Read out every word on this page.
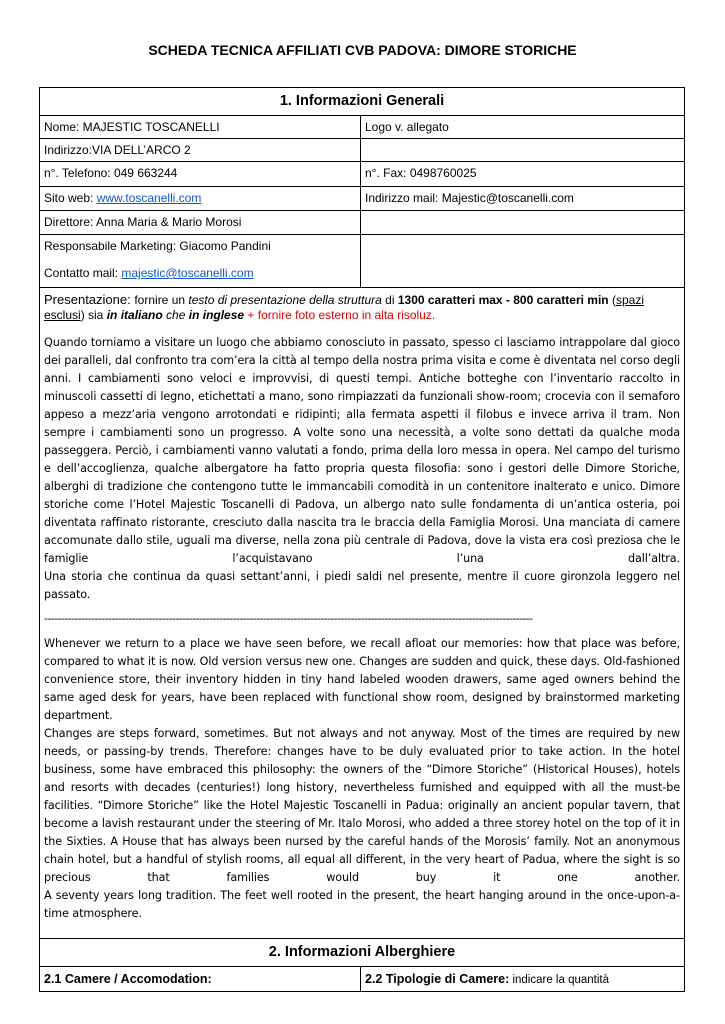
SCHEDA TECNICA AFFILIATI CVB PADOVA: DIMORE STORICHE
1. Informazioni Generali
Nome: MAJESTIC TOSCANELLI	Logo v. allegato
Indirizzo:VIA DELL’ARCO 2
n°. Telefono: 049 663244	n°. Fax: 0498760025
Sito web: www.toscanelli.com	Indirizzo mail: Majestic@toscanelli.com
Direttore: Anna Maria & Mario Morosi
Responsabile Marketing: Giacomo Pandini
Contatto mail: majestic@toscanelli.com
Presentazione: fornire un testo di presentazione della struttura di 1300 caratteri max - 800 caratteri min (spazi esclusi) sia in italiano che in inglese + fornire foto esterno in alta risoluz.

Quando torniamo a visitare un luogo che abbiamo conosciuto in passato, spesso ci lasciamo intrappolare dal gioco dei paralleli, dal confronto tra com’era la città al tempo della nostra prima visita e come è diventata nel corso degli anni. I cambiamenti sono veloci e improvvisi, di questi tempi. Antiche botteghe con l’inventario raccolto in minuscoli cassetti di legno, etichettati a mano, sono rimpiazzati da funzionali show-room; crocevia con il semaforo appeso a mezz’aria vengono arrotondati e ridipinti; alla fermata aspetti il filobus e invece arriva il tram. Non sempre i cambiamenti sono un progresso. A volte sono una necessità, a volte sono dettati da qualche moda passeggera. Perciò, i cambiamenti vanno valutati a fondo, prima della loro messa in opera. Nel campo del turismo e dell’accoglienza, qualche albergatore ha fatto propria questa filosofia: sono i gestori delle Dimore Storiche, alberghi di tradizione che contengono tutte le immancabili comodità in un contenitore inalterato e unico. Dimore storiche come l’Hotel Majestic Toscanelli di Padova, un albergo nato sulle fondamenta di un’antica osteria, poi diventata raffinato ristorante, cresciuto dalla nascita tra le braccia della Famiglia Morosi. Una manciata di camere accomunate dallo stile, uguali ma diverse, nella zona più centrale di Padova, dove la vista era così preziosa che le famiglie l’acquistavano l’una dall’altra.

Una storia che continua da quasi settant’anni, i piedi saldi nel presente, mentre il cuore gironzola leggero nel passato.

-------------------------------------------------------------------------------------------------------------------------------------------------

Whenever we return to a place we have seen before, we recall afloat our memories: how that place was before, compared to what it is now. Old version versus new one. Changes are sudden and quick, these days. Old-fashioned convenience store, their inventory hidden in tiny hand labeled wooden drawers, same aged owners behind the same aged desk for years, have been replaced with functional show room, designed by brainstormed marketing department.

Changes are steps forward, sometimes. But not always and not anyway. Most of the times are required by new needs, or passing-by trends. Therefore: changes have to be duly evaluated prior to take action. In the hotel business, some have embraced this philosophy: the owners of the “Dimore Storiche” (Historical Houses), hotels and resorts with decades (centuries!) long history, nevertheless furnished and equipped with all the must-be facilities. “Dimore Storiche” like the Hotel Majestic Toscanelli in Padua: originally an ancient popular tavern, that become a lavish restaurant under the steering of Mr. Italo Morosi, who added a three storey hotel on the top of it in the Sixties. A House that has always been nursed by the careful hands of the Morosis’ family. Not an anonymous chain hotel, but a handful of stylish rooms, all equal all different, in the very heart of Padua, where the sight is so precious that families would buy it one another.

A seventy years long tradition. The feet well rooted in the present, the heart hanging around in the once-upon-a-time atmosphere.

2. Informazioni Alberghiere
2.1 Camere / Accomodation:	2.2 Tipologie di Camere: indicare la quantità
